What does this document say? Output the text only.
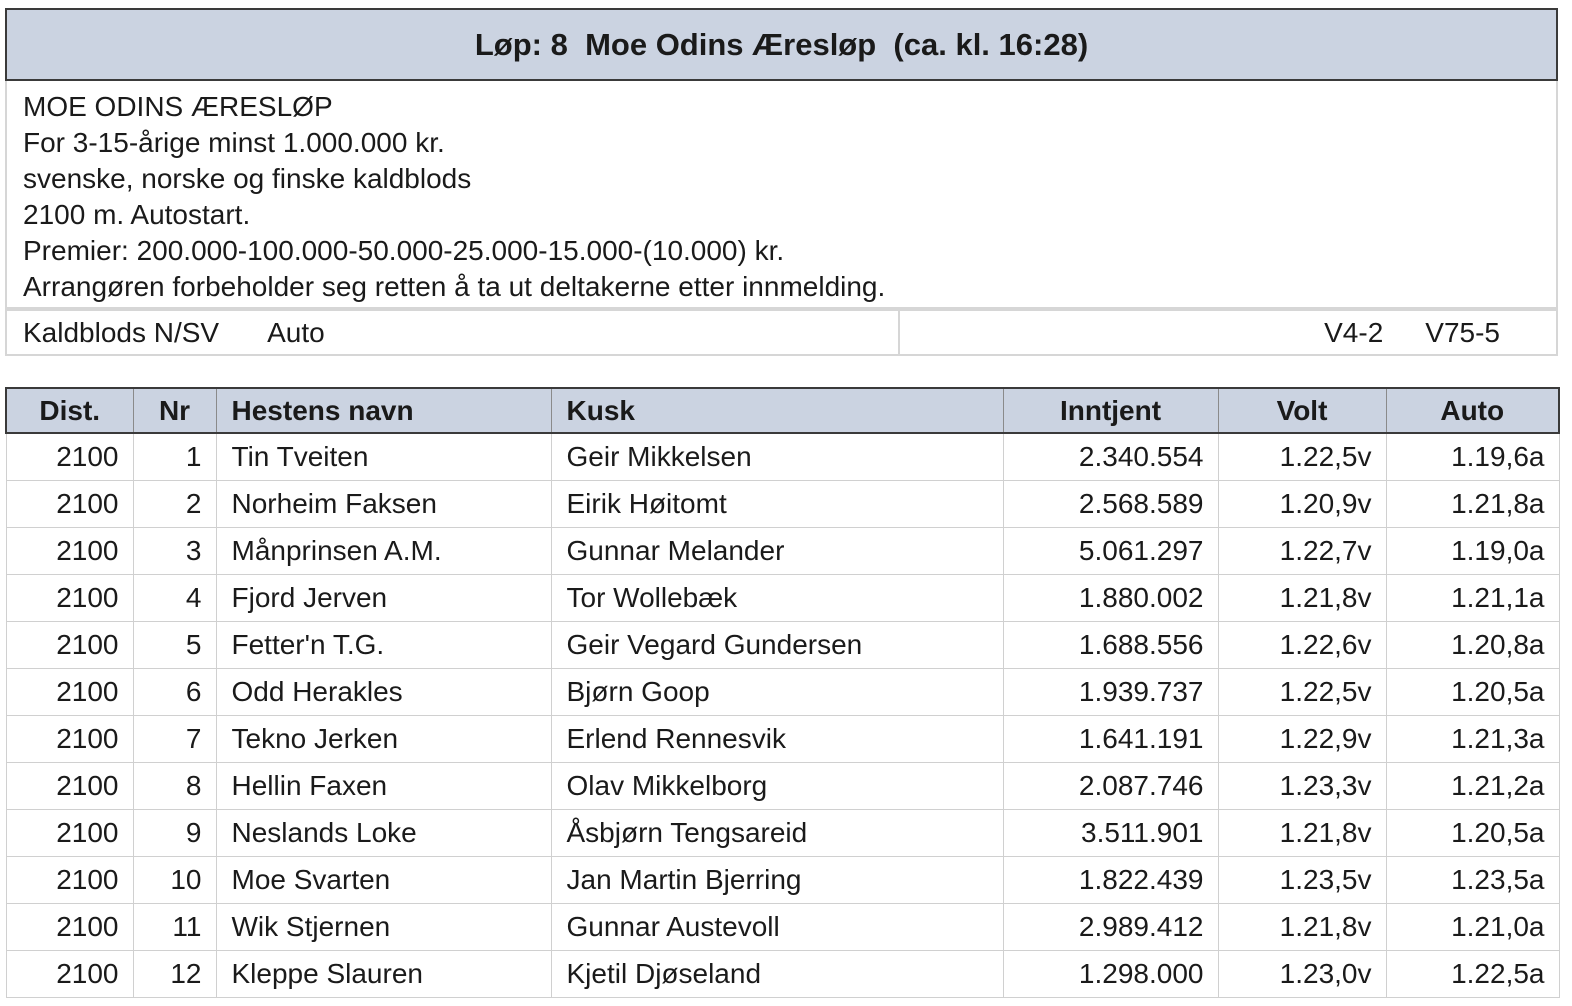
Løp: 8
Moe Odins Æresløp
(ca. kl. 16:28)
MOE ODINS ÆRESLØP
For 3-15-årige minst 1.000.000 kr.
svenske, norske og finske kaldblods
2100 m. Autostart.
Premier: 200.000-100.000-50.000-25.000-15.000-(10.000) kr.
Arrangøren forbeholder seg retten å ta ut deltakerne etter innmelding.
Kaldblods N/SV Auto	V4-2 V75-5
Dist.	Nr	Hestens navn	Kusk	Inntjent	Volt	Auto
2100	1	Tin Tveiten	Geir Mikkelsen	2.340.554	1.22,5v	1.19,6a
2100	2	Norheim Faksen	Eirik Høitomt	2.568.589	1.20,9v	1.21,8a
2100	3	Månprinsen A.M.	Gunnar Melander	5.061.297	1.22,7v	1.19,0a
2100	4	Fjord Jerven	Tor Wollebæk	1.880.002	1.21,8v	1.21,1a
2100	5	Fetter'n T.G.	Geir Vegard Gundersen	1.688.556	1.22,6v	1.20,8a
2100	6	Odd Herakles	Bjørn Goop	1.939.737	1.22,5v	1.20,5a
2100	7	Tekno Jerken	Erlend Rennesvik	1.641.191	1.22,9v	1.21,3a
2100	8	Hellin Faxen	Olav Mikkelborg	2.087.746	1.23,3v	1.21,2a
2100	9	Neslands Loke	Åsbjørn Tengsareid	3.511.901	1.21,8v	1.20,5a
2100	10	Moe Svarten	Jan Martin Bjerring	1.822.439	1.23,5v	1.23,5a
2100	11	Wik Stjernen	Gunnar Austevoll	2.989.412	1.21,8v	1.21,0a
2100	12	Kleppe Slauren	Kjetil Djøseland	1.298.000	1.23,0v	1.22,5a
